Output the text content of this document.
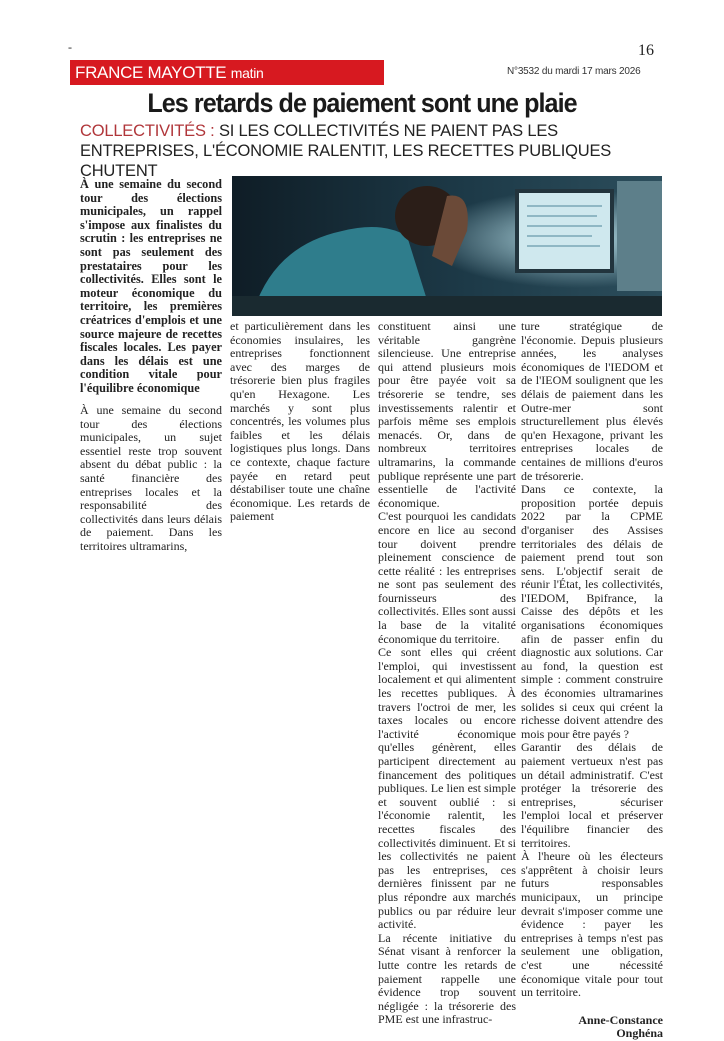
-	16
FRANCE MAYOTTE matin	N°3532 du mardi 17 mars 2026
Les retards de paiement sont une plaie
COLLECTIVITÉS : SI LES COLLECTIVITÉS NE PAIENT PAS LES ENTREPRISES, L'ÉCONOMIE RALENTIT, LES RECETTES PUBLIQUES CHUTENT
À une semaine du second tour des élections municipales, un rappel s'impose aux finalistes du scrutin : les entreprises ne sont pas seulement des prestataires pour les collectivités. Elles sont le moteur économique du territoire, les premières créatrices d'emplois et une source majeure de recettes fiscales locales. Les payer dans les délais est une condition vitale pour l'équilibre économique

À une semaine du second tour des élections municipales, un sujet essentiel reste trop souvent absent du débat public : la santé financière des entreprises locales et la responsabilité des collectivités dans leurs délais de paiement. Dans les territoires ultramarins,

et particulièrement dans les économies insulaires, les entreprises fonctionnent avec des marges de trésorerie bien plus fragiles qu'en Hexagone. Les marchés y sont plus concentrés, les volumes plus faibles et les délais logistiques plus longs. Dans ce contexte, chaque facture payée en retard peut déstabiliser toute une chaîne économique. Les retards de paiement

constituent ainsi une véritable gangrène silencieuse. Une entreprise qui attend plusieurs mois pour être payée voit sa trésorerie se tendre, ses investissements ralentir et parfois même ses emplois menacés. Or, dans de nombreux territoires ultramarins, la commande publique représente une part essentielle de l'activité économique.

C'est pourquoi les candidats encore en lice au second tour doivent prendre pleinement conscience de cette réalité : les entreprises ne sont pas seulement des fournisseurs des collectivités. Elles sont aussi la base de la vitalité économique du territoire.

Ce sont elles qui créent l'emploi, qui investissent localement et qui alimentent les recettes publiques. À travers l'octroi de mer, les taxes locales ou encore l'activité économique qu'elles génèrent, elles participent directement au financement des politiques publiques. Le lien est simple et souvent oublié : si l'économie ralentit, les recettes fiscales des collectivités diminuent. Et si les collectivités ne paient pas les entreprises, ces dernières finissent par ne plus répondre aux marchés publics ou par réduire leur activité.

La récente initiative du Sénat visant à renforcer la lutte contre les retards de paiement rappelle une évidence trop souvent négligée : la trésorerie des PME est une infrastruc-

ture stratégique de l'économie. Depuis plusieurs années, les analyses économiques de l'IEDOM et de l'IEOM soulignent que les délais de paiement dans les Outre-mer sont structurellement plus élevés qu'en Hexagone, privant les entreprises locales de centaines de millions d'euros de trésorerie.

Dans ce contexte, la proposition portée depuis 2022 par la CPME d'organiser des Assises territoriales des délais de paiement prend tout son sens. L'objectif serait de réunir l'État, les collectivités, l'IEDOM, Bpifrance, la Caisse des dépôts et les organisations économiques afin de passer enfin du diagnostic aux solutions. Car au fond, la question est simple : comment construire des économies ultramarines solides si ceux qui créent la richesse doivent attendre des mois pour être payés ?

Garantir des délais de paiement vertueux n'est pas un détail administratif. C'est protéger la trésorerie des entreprises, sécuriser l'emploi local et préserver l'équilibre financier des territoires.

À l'heure où les électeurs s'apprêtent à choisir leurs futurs responsables municipaux, un principe devrait s'imposer comme une évidence : payer les entreprises à temps n'est pas seulement une obligation, c'est une nécessité économique vitale pour tout un territoire.

Anne-Constance
Onghéna
